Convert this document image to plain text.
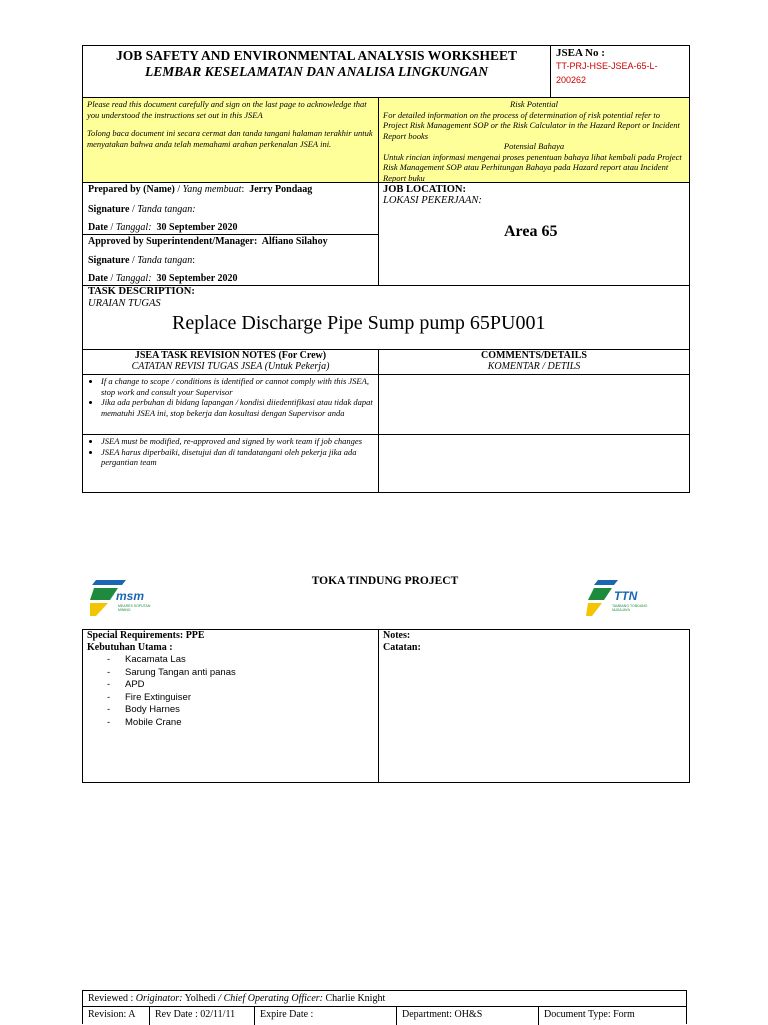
JOB SAFETY AND ENVIRONMENTAL ANALYSIS WORKSHEET
LEMBAR KESELAMATAN DAN ANALISA LINGKUNGAN
JSEA No :
TT-PRJ-HSE-JSEA-65-L-
200262
Please read this document carefully and sign on the last page to acknowledge that you understood the instructions set out in this JSEA
Tolong baca document ini secara cermat dan tanda tangani halaman terakhir untuk menyatakan bahwa anda telah memahami arahan perkenalan JSEA ini.
Risk Potential
For detailed information on the process of determination of risk potential refer to Project Risk Management SOP or the Risk Calculator in the Hazard Report or Incident Report books
Potensial Bahaya
Untuk rincian informasi mengenai proses penentuan bahaya lihat kembali pada Project Risk Management SOP atau Perhitungan Bahaya pada Hazard report atau Incident Report buku
Prepared by (Name) / Yang membuat:  Jerry Pondaag
Signature / Tanda tangan:
Date / Tanggal: 30 September 2020
Approved by Superintendent/Manager: Alfiano Silahoy
Signature / Tanda tangan:
Date / Tanggal: 30 September 2020
JOB LOCATION:
LOKASI PEKERJAAN:
Area 65
TASK DESCRIPTION:
URAIAN TUGAS
Replace Discharge Pipe Sump pump 65PU001
JSEA TASK REVISION NOTES (For Crew)
CATATAN REVISI TUGAS JSEA (Untuk Pekerja)
COMMENTS/DETAILS
KOMENTAR / DETILS
• If a change to scope / conditions is identified or cannot comply with this JSEA, stop work and consult your Supervisor
• Jika ada perbuhan di bidang lapangan / kondisi diiedentifikasi atau tidak dapat mematuhi JSEA ini, stop bekerja dan kosultasi dengan Supervisor anda
• JSEA must be modified, re-approved and signed by work team if job changes
• JSEA harus diperbaiki, disetujui dan di tandatangani oleh pekerja jika ada pergantian team
msm
MEARES SOPUTAN MINING
TOKA TINDUNG PROJECT
TTN
TAMBANG TONDANO NUSAJAYA
Special Requirements: PPE
Kebutuhan Utama :
- Kacamata Las
- Sarung Tangan anti panas
- APD
- Fire Extinguiser
- Body Harnes
- Mobile Crane
Notes:
Catatan:
Reviewed : Originator: Yolhedi / Chief Operating Officer: Charlie Knight
Revision: A	Rev Date : 02/11/11	Expire Date :	Department: OH&S	Document Type: Form
